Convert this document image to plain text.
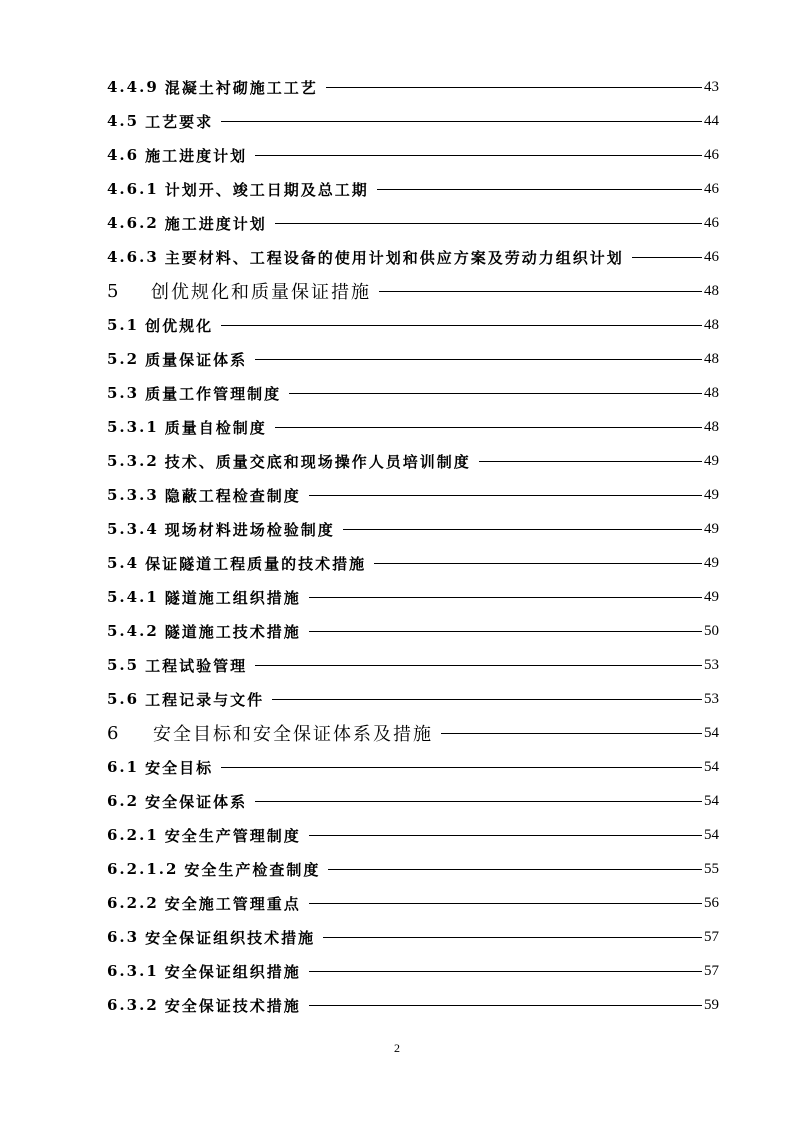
4.4.9 混凝土衬砌施工工艺	43
4.5 工艺要求	44
4.6 施工进度计划	46
4.6.1 计划开、竣工日期及总工期	46
4.6.2 施工进度计划	46
4.6.3 主要材料、工程设备的使用计划和供应方案及劳动力组织计划	46
5	创优规化和质量保证措施	48
5.1 创优规化	48
5.2 质量保证体系	48
5.3 质量工作管理制度	48
5.3.1 质量自检制度	48
5.3.2 技术、质量交底和现场操作人员培训制度	49
5.3.3 隐蔽工程检查制度	49
5.3.4 现场材料进场检验制度	49
5.4 保证隧道工程质量的技术措施	49
5.4.1 隧道施工组织措施	49
5.4.2 隧道施工技术措施	50
5.5 工程试验管理	53
5.6 工程记录与文件	53
6	安全目标和安全保证体系及措施	54
6.1 安全目标	54
6.2 安全保证体系	54
6.2.1 安全生产管理制度	54
6.2.1.2 安全生产检查制度	55
6.2.2 安全施工管理重点	56
6.3 安全保证组织技术措施	57
6.3.1 安全保证组织措施	57
6.3.2 安全保证技术措施	59
2
